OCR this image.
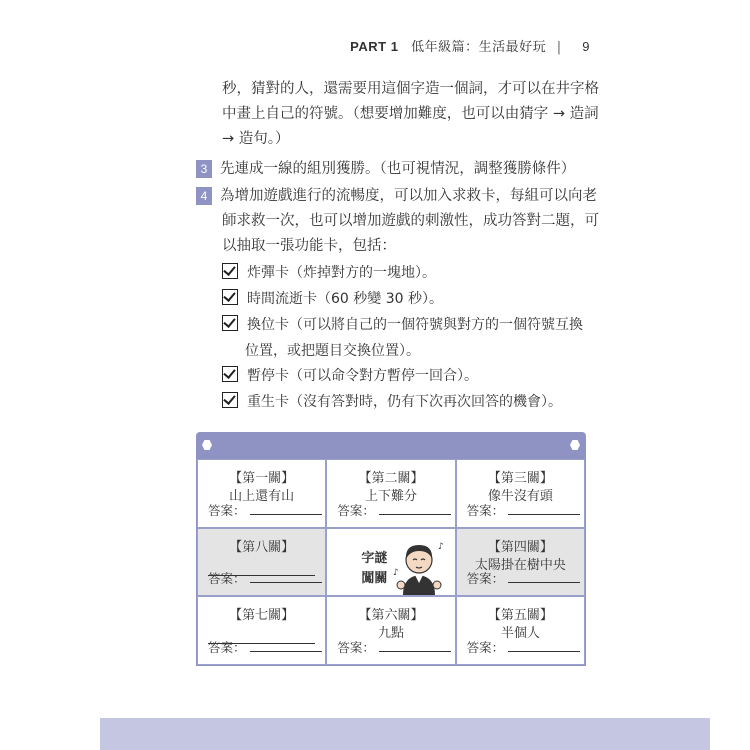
PART 1 低年級篇：生活最好玩 | 9
秒，猜對的人，還需要用這個字造一個詞，才可以在井字格
中畫上自己的符號。（想要增加難度，也可以由猜字 → 造詞
→ 造句。）
3 先連成一線的組別獲勝。（也可視情況，調整獲勝條件）
4 為增加遊戲進行的流暢度，可以加入求救卡，每組可以向老
師求救一次，也可以增加遊戲的刺激性，成功答對二題，可
以抽取一張功能卡，包括：
炸彈卡（炸掉對方的一塊地）。
時間流逝卡（60 秒變 30 秒）。
換位卡（可以將自己的一個符號與對方的一個符號互換
位置，或把題目交換位置）。
暫停卡（可以命令對方暫停一回合）。
重生卡（沒有答對時，仍有下次再次回答的機會）。
【第一關】
山上還有山
答案：
【第二關】
上下難分
答案：
【第三關】
像牛沒有頭
答案：
【第八關】
答案：
字謎
闖關 ♪
♪	【第四關】
太陽掛在樹中央
答案：
【第七關】
答案：
【第六關】
九點
答案：
【第五關】
半個人
答案：
